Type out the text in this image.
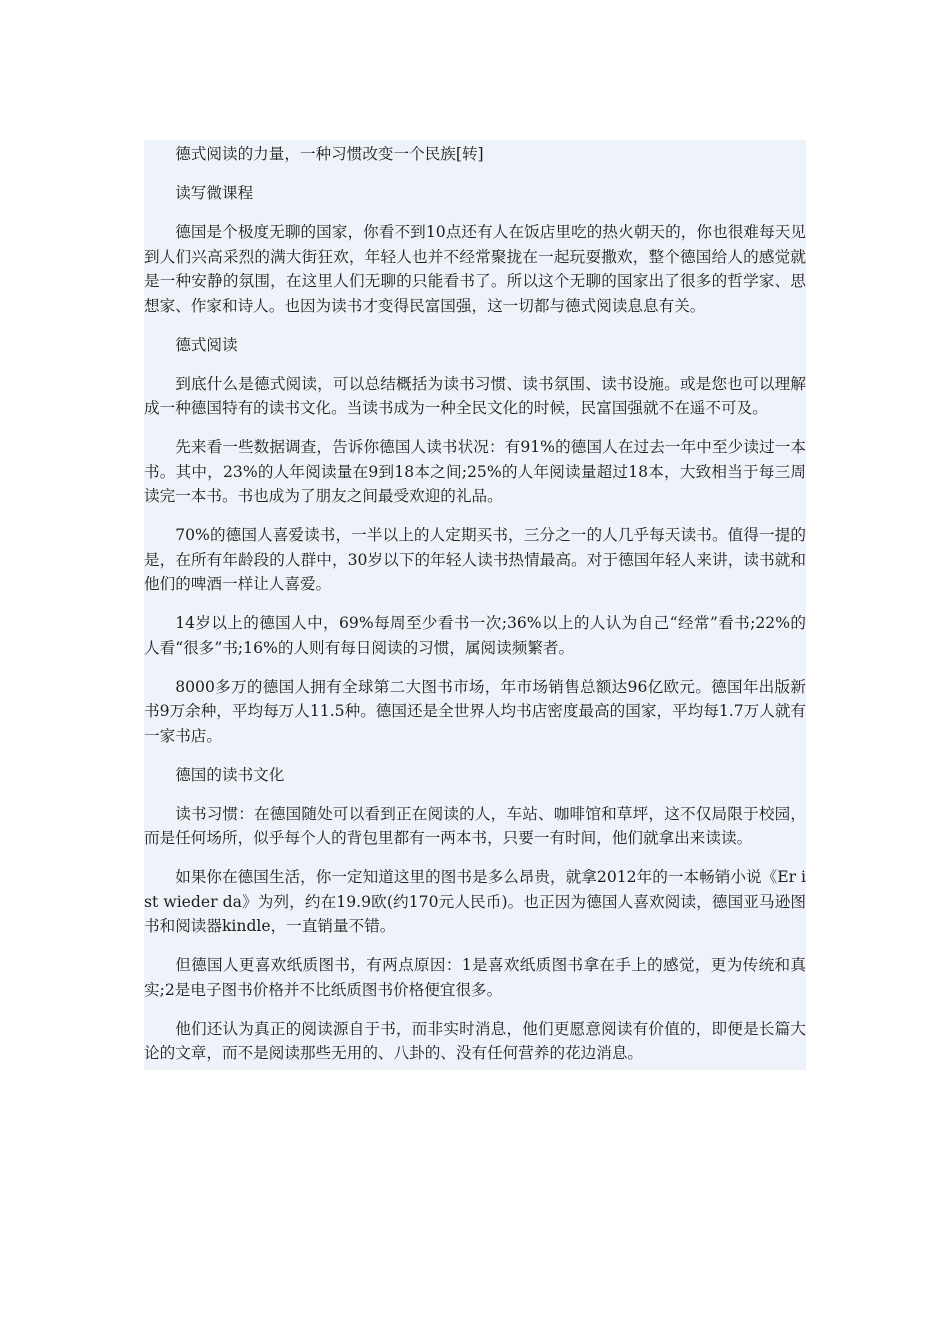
德式阅读的力量，一种习惯改变一个民族[转]

读写微课程

德国是个极度无聊的国家，你看不到10点还有人在饭店里吃的热火朝天的，你也很难每天见到人们兴高采烈的满大街狂欢，年轻人也并不经常聚拢在一起玩耍撒欢，整个德国给人的感觉就是一种安静的氛围，在这里人们无聊的只能看书了。所以这个无聊的国家出了很多的哲学家、思想家、作家和诗人。也因为读书才变得民富国强，这一切都与德式阅读息息有关。

德式阅读

到底什么是德式阅读，可以总结概括为读书习惯、读书氛围、读书设施。或是您也可以理解成一种德国特有的读书文化。当读书成为一种全民文化的时候，民富国强就不在遥不可及。

先来看一些数据调查，告诉你德国人读书状况：有91%的德国人在过去一年中至少读过一本书。其中，23%的人年阅读量在9到18本之间;25%的人年阅读量超过18本，大致相当于每三周读完一本书。书也成为了朋友之间最受欢迎的礼品。

70%的德国人喜爱读书，一半以上的人定期买书，三分之一的人几乎每天读书。值得一提的是，在所有年龄段的人群中，30岁以下的年轻人读书热情最高。对于德国年轻人来讲，读书就和他们的啤酒一样让人喜爱。

14岁以上的德国人中，69%每周至少看书一次;36%以上的人认为自己“经常”看书;22%的人看“很多”书;16%的人则有每日阅读的习惯，属阅读频繁者。

8000多万的德国人拥有全球第二大图书市场，年市场销售总额达96亿欧元。德国年出版新书9万余种，平均每万人11.5种。德国还是全世界人均书店密度最高的国家，平均每1.7万人就有一家书店。

德国的读书文化

读书习惯：在德国随处可以看到正在阅读的人，车站、咖啡馆和草坪，这不仅局限于校园，而是任何场所，似乎每个人的背包里都有一两本书，只要一有时间，他们就拿出来读读。

如果你在德国生活，你一定知道这里的图书是多么昂贵，就拿2012年的一本畅销小说《Er ist wieder da》为列，约在19.9欧(约170元人民币)。也正因为德国人喜欢阅读，德国亚马逊图书和阅读器kindle，一直销量不错。

但德国人更喜欢纸质图书，有两点原因：1是喜欢纸质图书拿在手上的感觉，更为传统和真实;2是电子图书价格并不比纸质图书价格便宜很多。

他们还认为真正的阅读源自于书，而非实时消息，他们更愿意阅读有价值的，即便是长篇大论的文章，而不是阅读那些无用的、八卦的、没有任何营养的花边消息。
